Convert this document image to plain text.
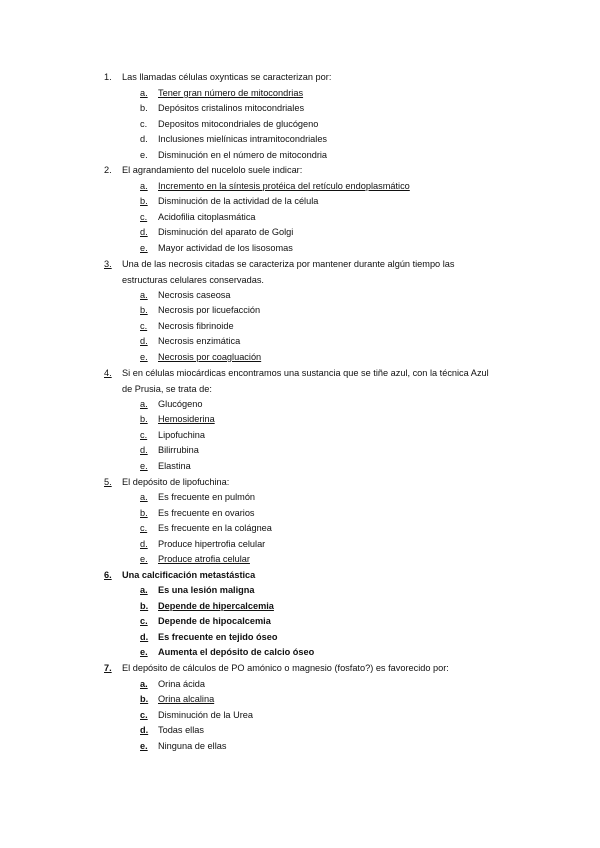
1.	Las llamadas células oxynticas se caracterizan por:
a. Tener gran número de mitocondrias
b. Depósitos cristalinos mitocondriales
c. Depositos mitocondriales de glucógeno
d. Inclusiones mielínicas intramitocondriales
e. Disminución en el número de mitocondria
2.	El agrandamiento del nucelolo suele indicar:
a. Incremento en la síntesis protéica del retículo endoplasmático
b. Disminución de la actividad de la célula
c. Acidofilia citoplasmática
d. Disminución del aparato de Golgi
e. Mayor actividad de los lisosomas
3.	Una de las necrosis citadas se caracteriza por mantener durante algún tiempo las estructuras celulares conservadas.
a. Necrosis caseosa
b. Necrosis por licuefacción
c. Necrosis fibrinoide
d. Necrosis enzimática
e. Necrosis por coagluación
4.	Si en células miocárdicas encontramos una sustancia que se tiñe azul, con la técnica Azul de Prusia, se trata de:
a. Glucógeno
b. Hemosiderina
c. Lipofuchina
d. Bilirrubina
e. Elastina
5.	El depósito de lipofuchina:
a. Es frecuente en pulmón
b. Es frecuente en ovarios
c. Es frecuente en la colágnea
d. Produce hipertrofia celular
e. Produce atrofia celular
6.	Una calcificación metastástica
a. Es una lesión maligna
b. Depende de hipercalcemia
c. Depende de hipocalcemia
d. Es frecuente en tejido óseo
e. Aumenta el depósito de calcio óseo
7.	El depósito de cálculos de PO amónico o magnesio (fosfato?) es favorecido por:
a. Orina ácida
b. Orina alcalina
c. Disminución de la Urea
d. Todas ellas
e. Ninguna de ellas
